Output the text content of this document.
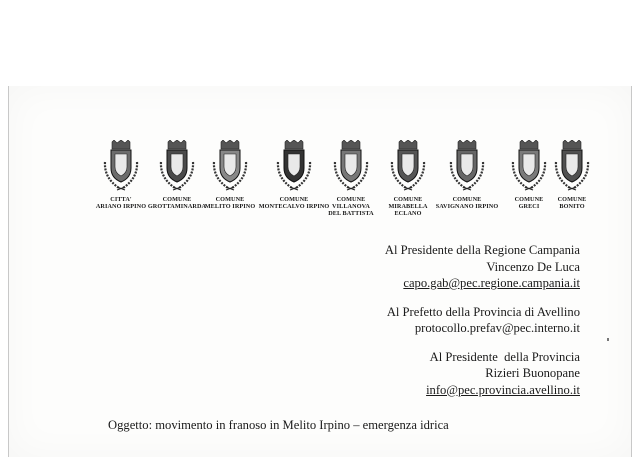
CITTA'
ARIANO IRPINO
COMUNE
GROTTAMINARDA
COMUNE
MELITO IRPINO
COMUNE
MONTECALVO IRPINO
COMUNE
VILLANOVA
DEL BATTISTA
COMUNE
MIRABELLA
ECLANO
COMUNE
SAVIGNANO IRPINO
COMUNE
GRECI
COMUNE
BONITO
Al Presidente della Regione Campania
Vincenzo De Luca
capo.gab@pec.regione.campania.it
Al Prefetto della Provincia di Avellino
protocollo.prefav@pec.interno.it
Al Presidente  della Provincia
Rizieri Buonopane
info@pec.provincia.avellino.it
Oggetto: movimento in franoso in Melito Irpino – emergenza idrica
